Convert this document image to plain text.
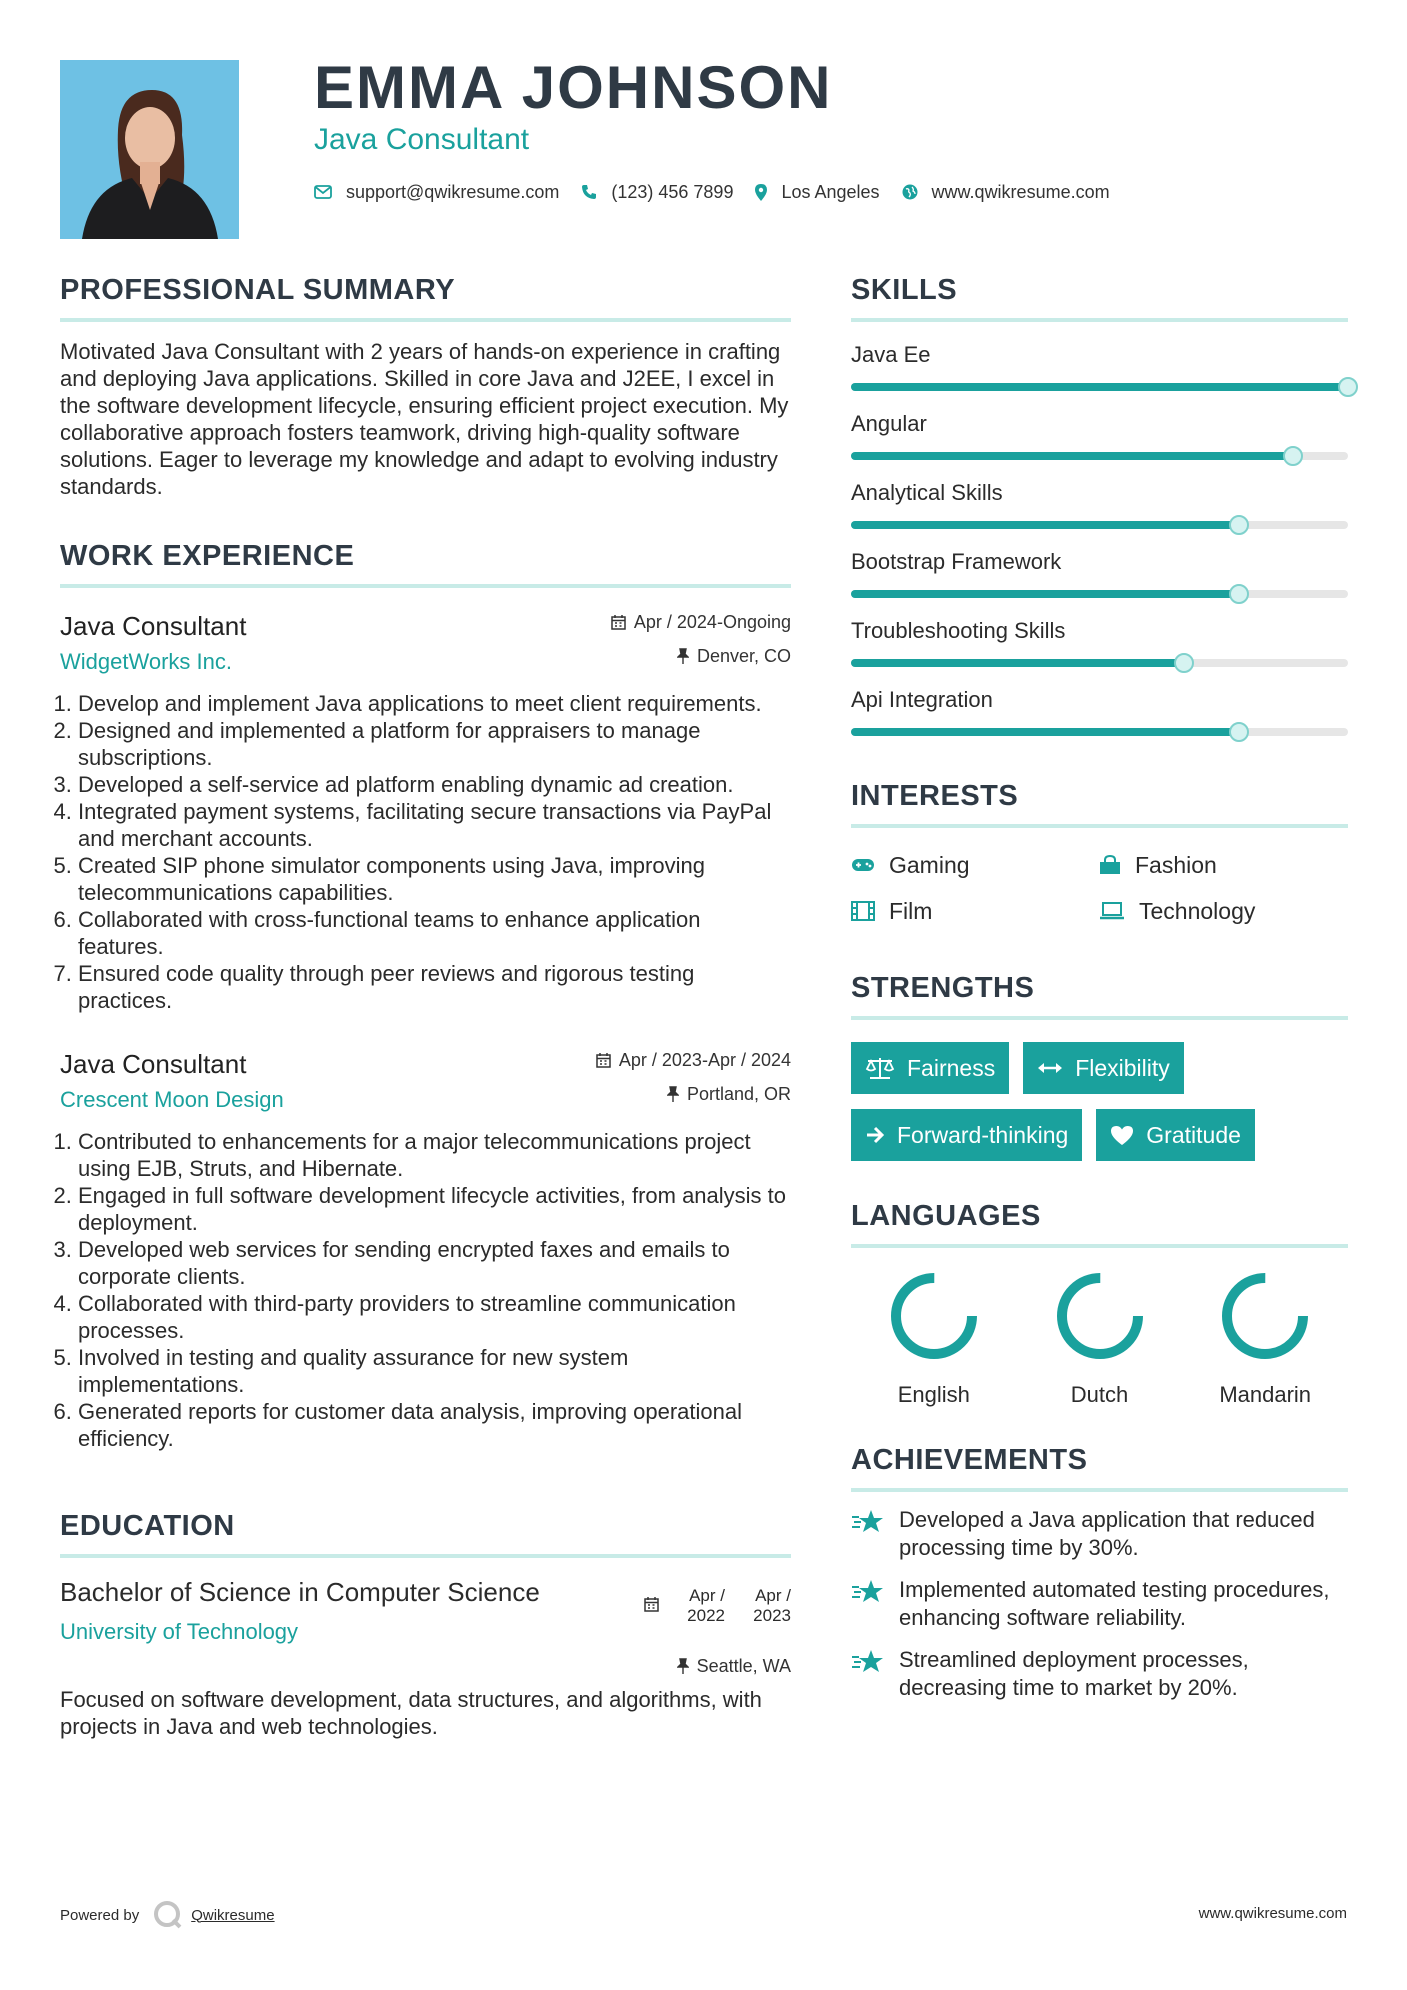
EMMA JOHNSON
Java Consultant
support@qwikresume.com	(123) 456 7899	Los Angeles	www.qwikresume.com
PROFESSIONAL SUMMARY
Motivated Java Consultant with 2 years of hands-on experience in crafting and deploying Java applications. Skilled in core Java and J2EE, I excel in the software development lifecycle, ensuring efficient project execution. My collaborative approach fosters teamwork, driving high-quality software solutions. Eager to leverage my knowledge and adapt to evolving industry standards.
WORK EXPERIENCE
Java Consultant
WidgetWorks Inc.
Apr / 2024-Ongoing
Denver, CO
1. Develop and implement Java applications to meet client requirements.
2. Designed and implemented a platform for appraisers to manage subscriptions.
3. Developed a self-service ad platform enabling dynamic ad creation.
4. Integrated payment systems, facilitating secure transactions via PayPal and merchant accounts.
5. Created SIP phone simulator components using Java, improving telecommunications capabilities.
6. Collaborated with cross-functional teams to enhance application features.
7. Ensured code quality through peer reviews and rigorous testing practices.
Java Consultant
Crescent Moon Design
Apr / 2023-Apr / 2024
Portland, OR
1. Contributed to enhancements for a major telecommunications project using EJB, Struts, and Hibernate.
2. Engaged in full software development lifecycle activities, from analysis to deployment.
3. Developed web services for sending encrypted faxes and emails to corporate clients.
4. Collaborated with third-party providers to streamline communication processes.
5. Involved in testing and quality assurance for new system implementations.
6. Generated reports for customer data analysis, improving operational efficiency.
EDUCATION
Bachelor of Science in Computer Science
University of Technology
Apr / 2022
Apr / 2023
Seattle, WA
Focused on software development, data structures, and algorithms, with projects in Java and web technologies.
SKILLS
Java Ee
Angular
Analytical Skills
Bootstrap Framework
Troubleshooting Skills
Api Integration
INTERESTS
Gaming	Fashion
Film	Technology
STRENGTHS
Fairness	Flexibility
Forward-thinking	Gratitude
LANGUAGES
English	Dutch	Mandarin
ACHIEVEMENTS
Developed a Java application that reduced processing time by 30%.
Implemented automated testing procedures, enhancing software reliability.
Streamlined deployment processes, decreasing time to market by 20%.
Powered by	Qwikresume	www.qwikresume.com
